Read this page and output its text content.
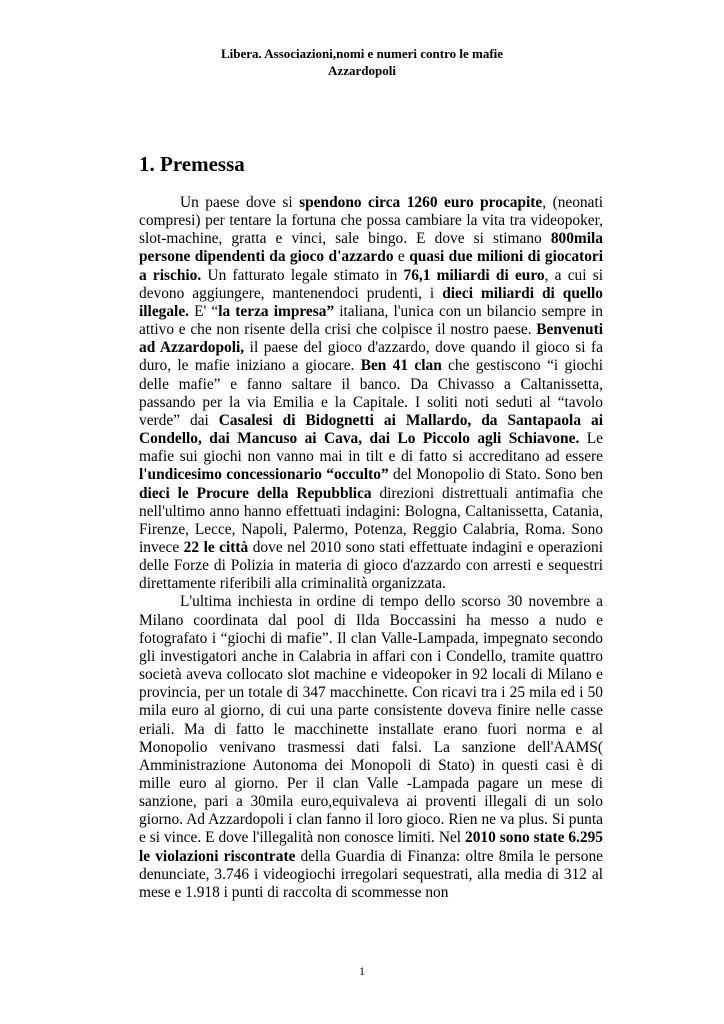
Libera. Associazioni,nomi e numeri contro le mafie
Azzardopoli
1. Premessa

Un paese dove si spendono circa 1260 euro procapite, (neonati compresi) per tentare la fortuna che possa cambiare la vita tra videopoker, slot-machine, gratta e vinci, sale bingo. E dove si stimano 800mila persone dipendenti da gioco d'azzardo e quasi due milioni di giocatori a rischio. Un fatturato legale stimato in 76,1 miliardi di euro, a cui si devono aggiungere, mantenendoci prudenti, i dieci miliardi di quello illegale. E' “la terza impresa” italiana, l'unica con un bilancio sempre in attivo e che non risente della crisi che colpisce il nostro paese. Benvenuti ad Azzardopoli, il paese del gioco d'azzardo, dove quando il gioco si fa duro, le mafie iniziano a giocare. Ben 41 clan che gestiscono “i giochi delle mafie” e fanno saltare il banco. Da Chivasso a Caltanissetta, passando per la via Emilia e la Capitale. I soliti noti seduti al “tavolo verde” dai Casalesi di Bidognetti ai Mallardo, da Santapaola ai Condello, dai Mancuso ai Cava, dai Lo Piccolo agli Schiavone. Le mafie sui giochi non vanno mai in tilt e di fatto si accreditano ad essere l'undicesimo concessionario “occulto” del Monopolio di Stato. Sono ben dieci le Procure della Repubblica direzioni distrettuali antimafia che nell'ultimo anno hanno effettuati indagini: Bologna, Caltanissetta, Catania, Firenze, Lecce, Napoli, Palermo, Potenza, Reggio Calabria, Roma. Sono invece 22 le città dove nel 2010 sono stati effettuate indagini e operazioni delle Forze di Polizia in materia di gioco d'azzardo con arresti e sequestri direttamente riferibili alla criminalità organizzata.

L'ultima inchiesta in ordine di tempo dello scorso 30 novembre a Milano coordinata dal pool di Ilda Boccassini ha messo a nudo e fotografato i “giochi di mafie”. Il clan Valle-Lampada, impegnato secondo gli investigatori anche in Calabria in affari con i Condello, tramite quattro società aveva collocato slot machine e videopoker in 92 locali di Milano e provincia, per un totale di 347 macchinette. Con ricavi tra i 25 mila ed i 50 mila euro al giorno, di cui una parte consistente doveva finire nelle casse eriali. Ma di fatto le macchinette installate erano fuori norma e al Monopolio venivano trasmessi dati falsi. La sanzione dell'AAMS( Amministrazione Autonoma dei Monopoli di Stato) in questi casi è di mille euro al giorno. Per il clan Valle -Lampada pagare un mese di sanzione, pari a 30mila euro,equivaleva ai proventi illegali di un solo giorno. Ad Azzardopoli i clan fanno il loro gioco. Rien ne va plus. Si punta e si vince. E dove l'illegalità non conosce limiti. Nel 2010 sono state 6.295 le violazioni riscontrate della Guardia di Finanza: oltre 8mila le persone denunciate, 3.746 i videogiochi irregolari sequestrati, alla media di 312 al mese e 1.918 i punti di raccolta di scommesse non

1
